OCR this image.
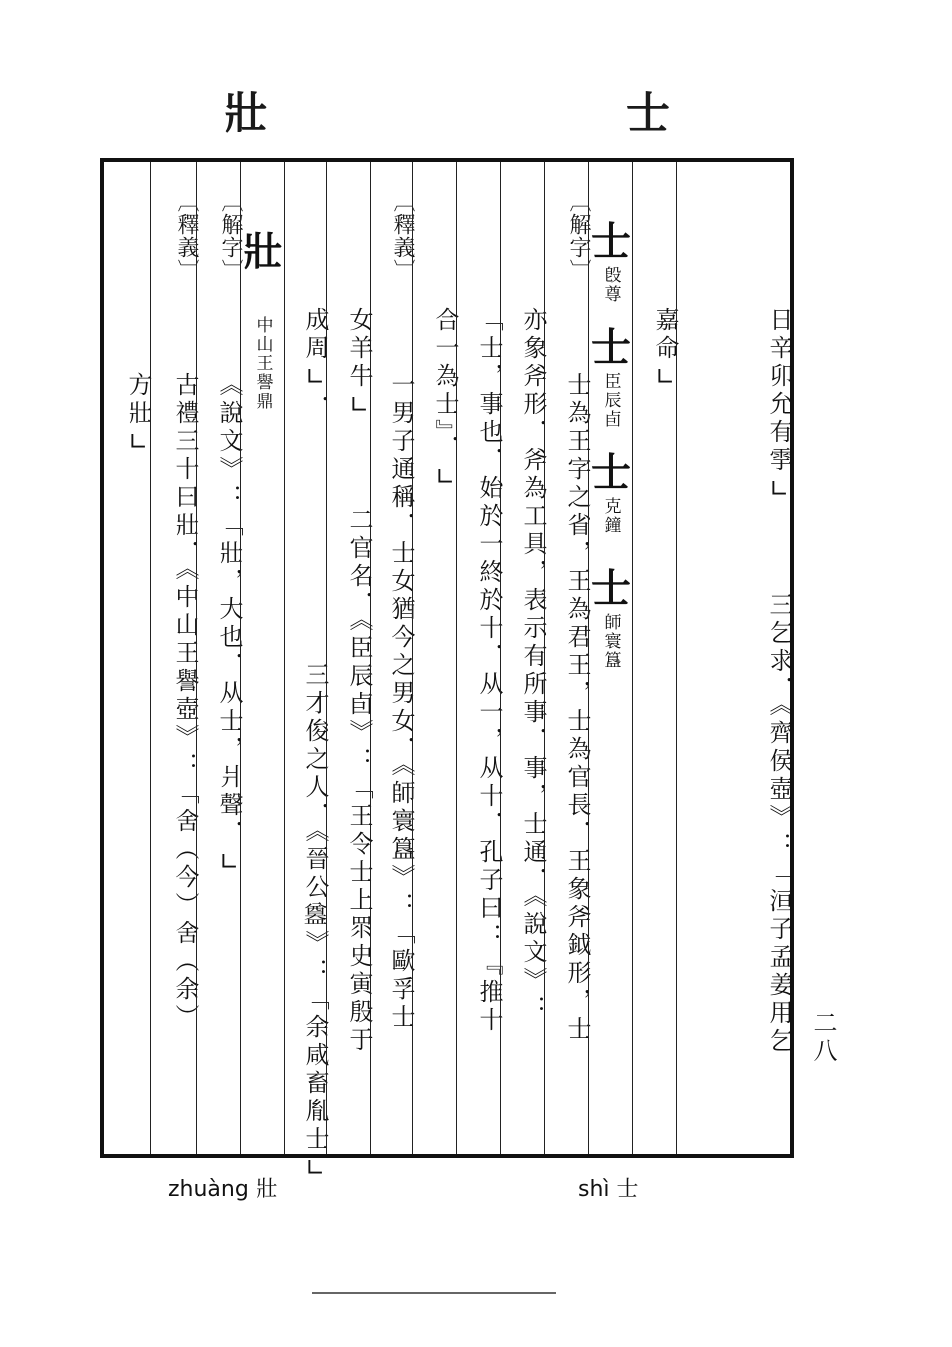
士
壯
方壯∟
〔釋義〕
古禮三十曰壯．《中山王譽壺》：「舍（今）舍（余）
〔解字〕
《說文》：「壯，大也．从士，爿聲．∟
壯
中山王譽鼎	成周∟．
三才俊之人．《晉公𥂴》：「余咸畜胤士∟
女羊牛∟
二官名．《臣辰卣》：「王令士上眔史寅殷于
〔釋義〕
一男子通稱．士女猶今之男女．《師寰簋》：「歐孚士 合一為士』．∟ 「士，事也．始於一終於十．从一，从十．孔子曰：『推十 亦象斧形．斧為工具，表示有所事．事，士通．《說文》：
〔解字〕
士為王字之省，王為君王，士為官長．王象斧鉞形，士
士
𣪘尊
士
臣辰卣
士
克鐘
士
師寰簋
嘉命∟	日辛卯允有𩁹∟
三乞求．《齊侯壺》：「洹子孟姜用乞 二八
zhuàng 壯	shì 士
